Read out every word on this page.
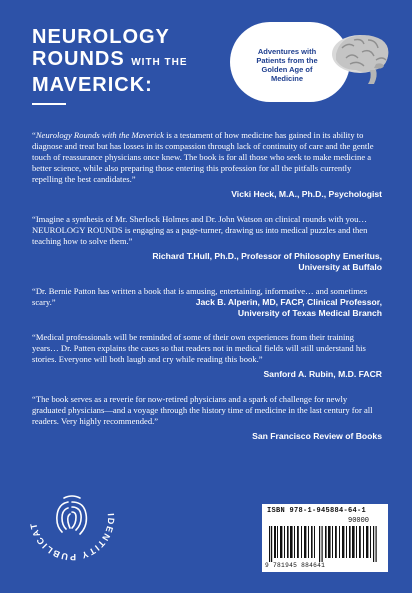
NEUROLOGY
ROUNDS WITH THE
MAVERICK:
Adventures with Patients from the Golden Age of Medicine

“Neurology Rounds with the Maverick is a testament of how medicine has gained in its ability to diagnose and treat but has losses in its compassion through lack of continuity of care and the gentle touch of reassurance physicians once knew. The book is for all those who seek to make medicine a better science, while also preparing those entering this profession for all the pitfalls currently repelling the best candidates.”

Vicki Heck, M.A., Ph.D., Psychologist

“Imagine a synthesis of Mr. Sherlock Holmes and Dr. John Watson on clinical rounds with you… NEUROLOGY ROUNDS is engaging as a page-turner, drawing us into medical puzzles and then teaching how to solve them.”

Richard T.Hull, Ph.D., Professor of Philosophy Emeritus,
University at Buffalo

“Dr. Bernie Patton has written a book that is amusing, entertaining, informative… and sometimes scary.”	Jack B. Alperin, MD, FACP, Clinical Professor,
University of Texas Medical Branch

“Medical professionals will be reminded of some of their own experiences from their training years… Dr. Patten explains the cases so that readers not in medical fields will still understand his stories. Everyone will both laugh and cry while reading this book.”

Sanford A. Rubin, M.D. FACR

“The book serves as a reverie for now-retired physicians and a spark of challenge for newly graduated physicians—and a voyage through the history time of medicine in the last century for all readers. Very highly recommended.”

San Francisco Review of Books
IDENTITY PUBLICAT
ISBN 978-1-945884-64-1
90000
9 781945 884641
